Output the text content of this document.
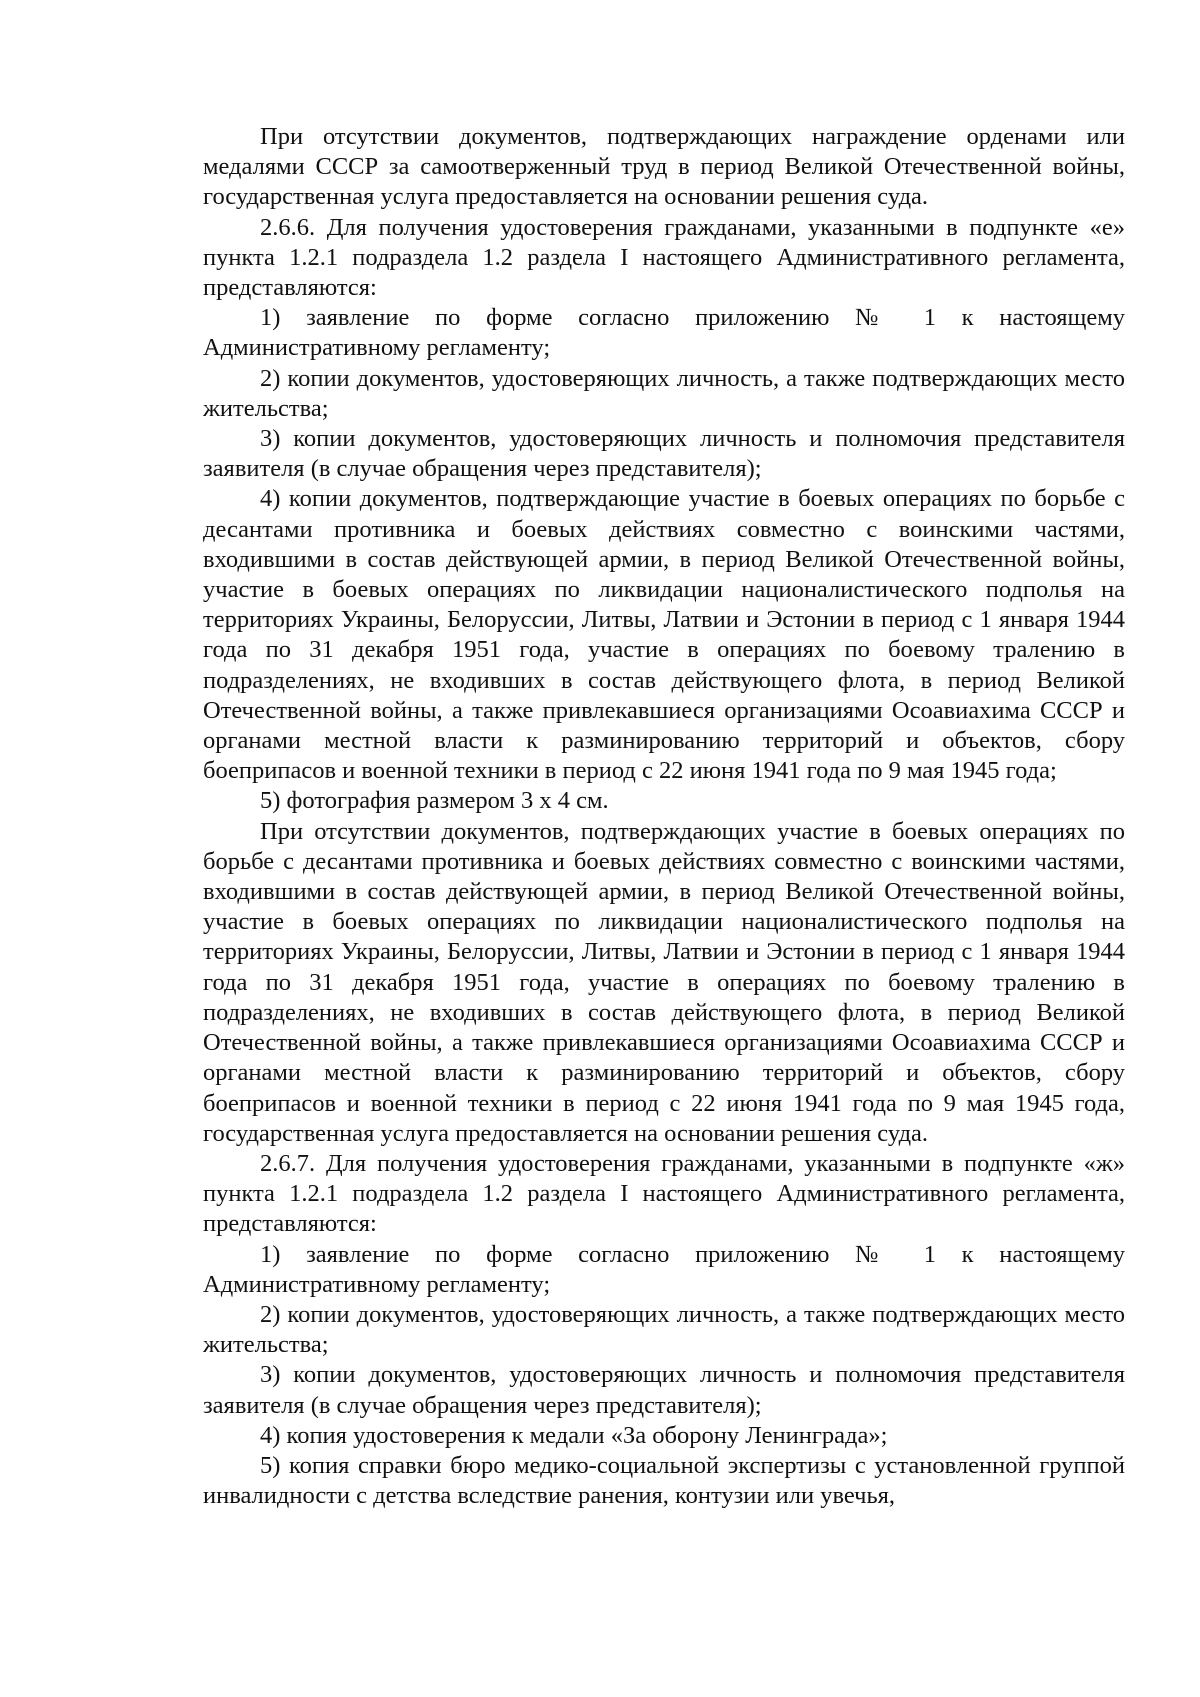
При отсутствии документов, подтверждающих награждение орденами или медалями СССР за самоотверженный труд в период Великой Отечественной войны, государственная услуга предоставляется на основании решения суда.

2.6.6. Для получения удостоверения гражданами, указанными в подпункте «е» пункта 1.2.1 подраздела 1.2 раздела I настоящего Административного регламента, представляются:

1) заявление по форме согласно приложению № 1 к настоящему Административному регламенту;

2) копии документов, удостоверяющих личность, а также подтверждающих место жительства;

3) копии документов, удостоверяющих личность и полномочия представителя заявителя (в случае обращения через представителя);

4) копии документов, подтверждающие участие в боевых операциях по борьбе с десантами противника и боевых действиях совместно с воинскими частями, входившими в состав действующей армии, в период Великой Отечественной войны, участие в боевых операциях по ликвидации националистического подполья на территориях Украины, Белоруссии, Литвы, Латвии и Эстонии в период с 1 января 1944 года по 31 декабря 1951 года, участие в операциях по боевому тралению в подразделениях, не входивших в состав действующего флота, в период Великой Отечественной войны, а также привлекавшиеся организациями Осоавиахима СССР и органами местной власти к разминированию территорий и объектов, сбору боеприпасов и военной техники в период с 22 июня 1941 года по 9 мая 1945 года;

5) фотография размером 3 х 4 см.

При отсутствии документов, подтверждающих участие в боевых операциях по борьбе с десантами противника и боевых действиях совместно с воинскими частями, входившими в состав действующей армии, в период Великой Отечественной войны, участие в боевых операциях по ликвидации националистического подполья на территориях Украины, Белоруссии, Литвы, Латвии и Эстонии в период с 1 января 1944 года по 31 декабря 1951 года, участие в операциях по боевому тралению в подразделениях, не входивших в состав действующего флота, в период Великой Отечественной войны, а также привлекавшиеся организациями Осоавиахима СССР и органами местной власти к разминированию территорий и объектов, сбору боеприпасов и военной техники в период с 22 июня 1941 года по 9 мая 1945 года, государственная услуга предоставляется на основании решения суда.

2.6.7. Для получения удостоверения гражданами, указанными в подпункте «ж» пункта 1.2.1 подраздела 1.2 раздела I настоящего Административного регламента, представляются:

1) заявление по форме согласно приложению № 1 к настоящему Административному регламенту;

2) копии документов, удостоверяющих личность, а также подтверждающих место жительства;

3) копии документов, удостоверяющих личность и полномочия представителя заявителя (в случае обращения через представителя);

4) копия удостоверения к медали «За оборону Ленинграда»;

5) копия справки бюро медико-социальной экспертизы с установленной группой инвалидности с детства вследствие ранения, контузии или увечья,
